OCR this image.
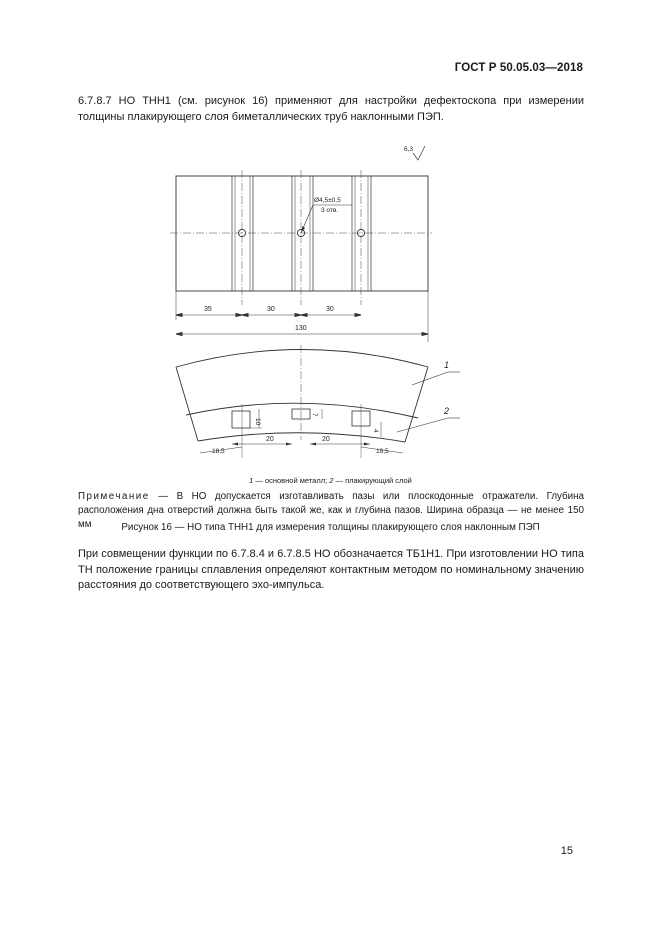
ГОСТ Р 50.05.03—2018

6.7.8.7 НО ТНН1 (см. рисунок 16) применяют для настройки дефектоскопа при измерении толщины плакирующего слоя биметаллических труб наклонными ПЭП.

6,3
Ø4,5±0,5
3 отв.
35	30	30
130
1
2
10
7
4
20	20
18,5	18,5
1 — основной металл; 2 — плакирующий слой

Примечание — В НО допускается изготавливать пазы или плоскодонные отражатели. Глубина расположения дна отверстий должна быть такой же, как и глубина пазов. Ширина образца — не менее 150 мм	Рисунок 16 — НО типа ТНН1 для измерения толщины плакирующего слоя наклонным ПЭП

При совмещении функции по 6.7.8.4 и 6.7.8.5 НО обозначается ТБ1Н1. При изготовлении НО типа ТН положение границы сплавления определяют контактным методом по номинальному значению расстояния до соответствующего эхо-импульса.

15
